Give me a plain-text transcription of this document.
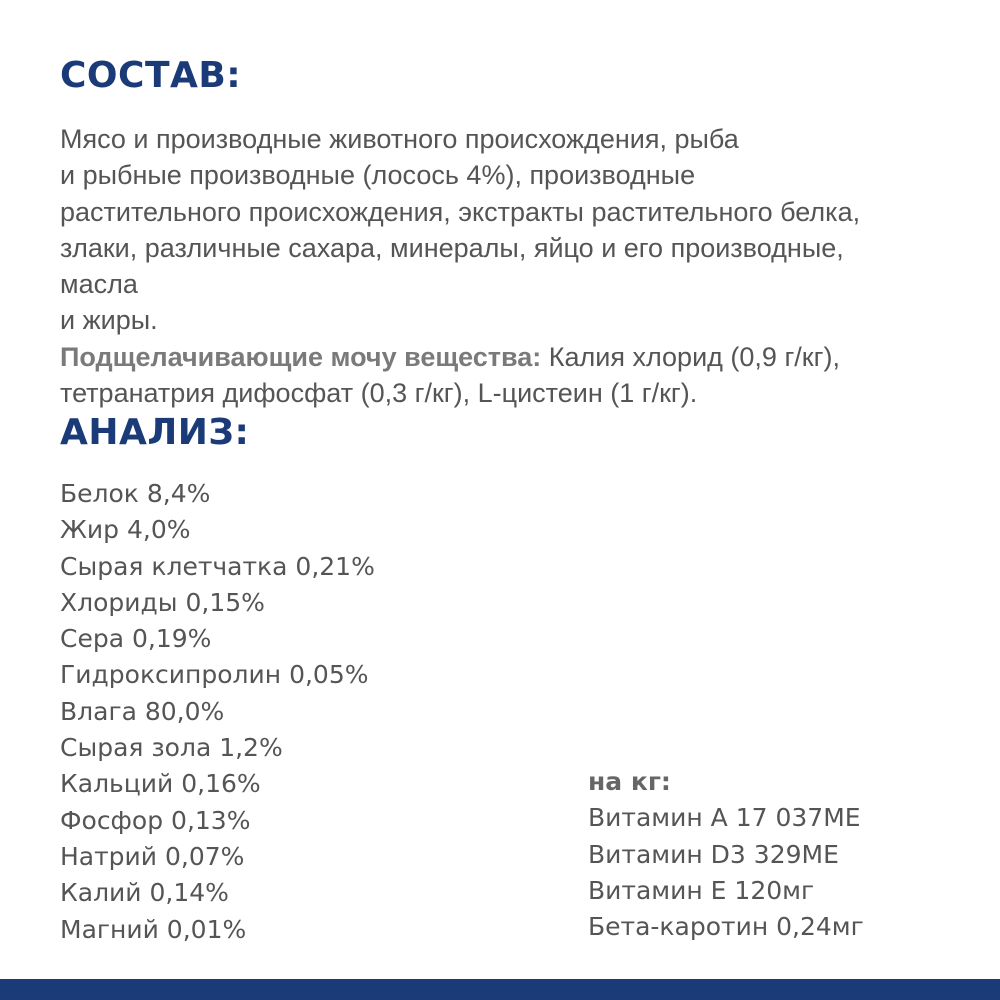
СОСТАВ:

Мясо и производные животного происхождения, рыба

и рыбные производные (лосось 4%), производные

растительного происхождения, экстракты растительного белка,

злаки, различные сахара, минералы, яйцо и его производные,

масла

и жиры.

Подщелачивающие мочу вещества: Калия хлорид (0,9 г/кг),

тетранатрия дифосфат (0,3 г/кг), L-цистеин (1 г/кг).

АНАЛИЗ:
Белок 8,4%
Жир 4,0%
Сырая клетчатка 0,21%
Хлориды 0,15%
Сера 0,19%
Гидроксипролин 0,05%
Влага 80,0%
Сырая зола 1,2%
Кальций 0,16%
Фосфор 0,13%
Натрий 0,07%
Калий 0,14%
Магний 0,01%
на кг:
Витамин А 17 037МЕ
Витамин D3 329МЕ
Витамин Е 120мг
Бета-каротин 0,24мг
